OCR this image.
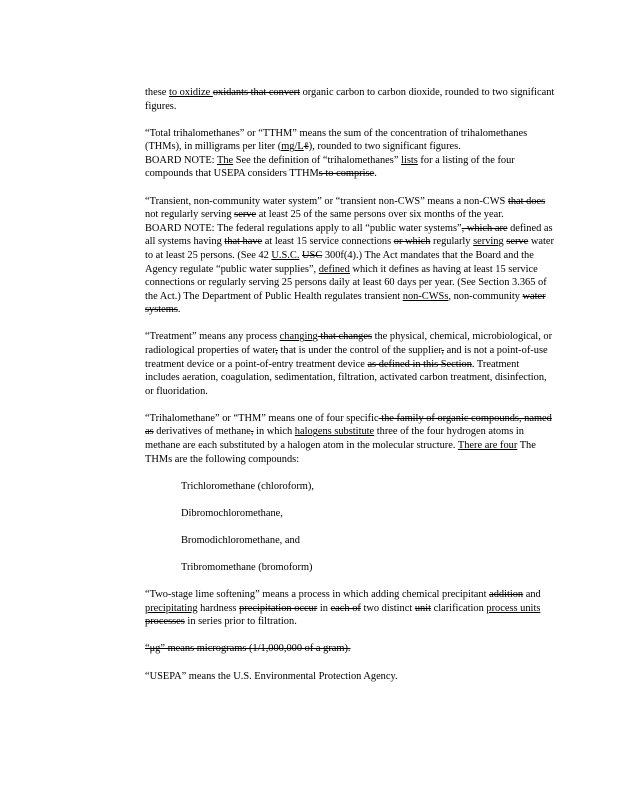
these to oxidize oxidants that convert organic carbon to carbon dioxide, rounded to two significant figures.

“Total trihalomethanes” or “TTHM” means the sum of the concentration of trihalomethanes (THMs), in milligrams per liter (mg/Lℓ), rounded to two significant figures.

BOARD NOTE: The See the definition of “trihalomethanes” lists for a listing of the four compounds that USEPA considers TTHMs to comprise.

“Transient, non-community water system” or “transient non-CWS” means a non-CWS that does not regularly serving serve at least 25 of the same persons over six months of the year.

BOARD NOTE: The federal regulations apply to all “public water systems”, which are defined as all systems having that have at least 15 service connections or which regularly serving serve water to at least 25 persons. (See 42 U.S.C. USC 300f(4).) The Act mandates that the Board and the Agency regulate “public water supplies”, defined which it defines as having at least 15 service connections or regularly serving 25 persons daily at least 60 days per year. (See Section 3.365 of the Act.) The Department of Public Health regulates transient non-CWSs, non-community water systems.

“Treatment” means any process changing that changes the physical, chemical, microbiological, or radiological properties of water, that is under the control of the supplier, and is not a point-of-use treatment device or a point-of-entry treatment device as defined in this Section. Treatment includes aeration, coagulation, sedimentation, filtration, activated carbon treatment, disinfection, or fluoridation.

“Trihalomethane” or “THM” means one of four specific the family of organic compounds, named as derivatives of methane, in which halogens substitute three of the four hydrogen atoms in methane are each substituted by a halogen atom in the molecular structure. There are four The THMs are the following compounds:

Trichloromethane (chloroform),

Dibromochloromethane,

Bromodichloromethane, and

Tribromomethane (bromoform)

“Two-stage lime softening” means a process in which adding chemical precipitant addition and precipitating hardness precipitation occur in each of two distinct unit clarification process units processes in series prior to filtration.

“μg” means micrograms (1/1,000,000 of a gram).

“USEPA” means the U.S. Environmental Protection Agency.
